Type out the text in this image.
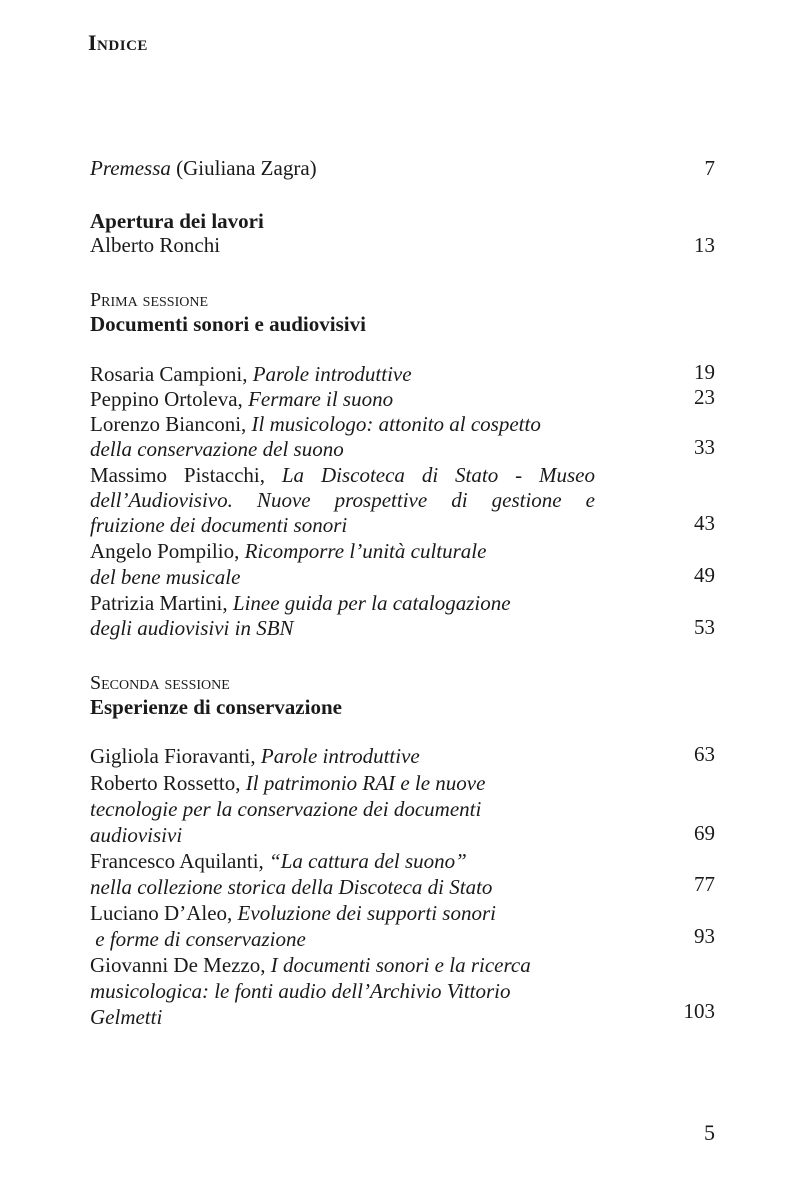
Indice
Premessa (Giuliana Zagra)	7
Apertura dei lavori
Alberto Ronchi	13
Prima sessione
Documenti sonori e audiovisivi
Rosaria Campioni, Parole introduttive	19
Peppino Ortoleva, Fermare il suono	23
Lorenzo Bianconi, Il musicologo: attonito al cospetto
della conservazione del suono	33
Massimo Pistacchi, La Discoteca di Stato - Museo
dell’Audiovisivo. Nuove prospettive di gestione e
fruizione dei documenti sonori	43
Angelo Pompilio, Ricomporre l’unità culturale
del bene musicale	49
Patrizia Martini, Linee guida per la catalogazione
degli audiovisivi in SBN	53
Seconda sessione
Esperienze di conservazione
Gigliola Fioravanti, Parole introduttive	63
Roberto Rossetto, Il patrimonio RAI e le nuove
tecnologie per la conservazione dei documenti
audiovisivi	69
Francesco Aquilanti, “La cattura del suono”
nella collezione storica della Discoteca di Stato	77
Luciano D’Aleo, Evoluzione dei supporti sonori
e forme di conservazione	93
Giovanni De Mezzo, I documenti sonori e la ricerca
musicologica: le fonti audio dell’Archivio Vittorio
Gelmetti	103
5
